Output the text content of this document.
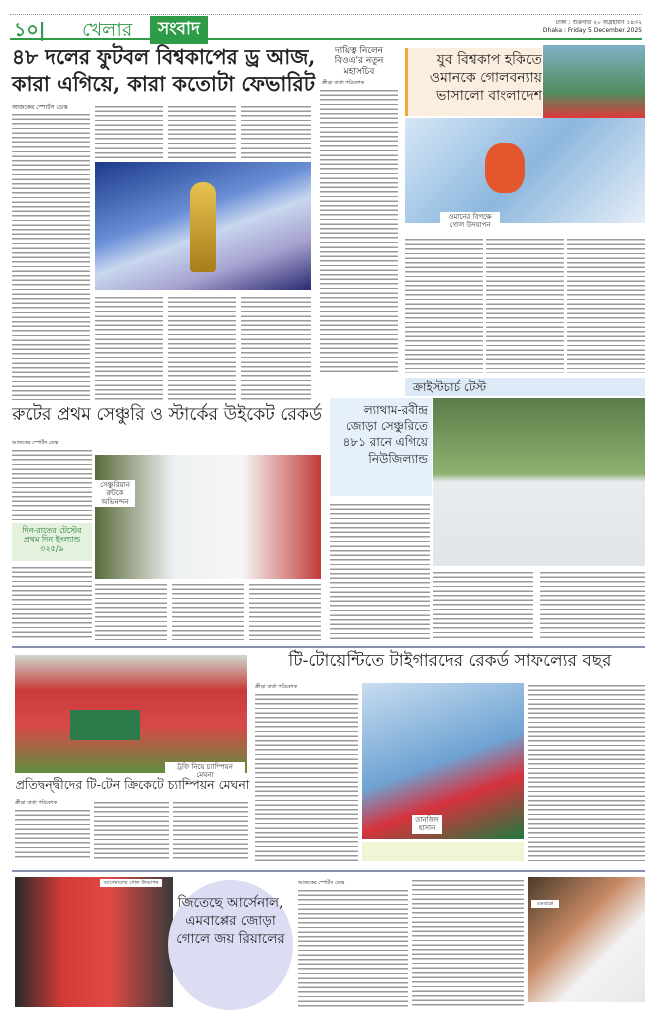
১০| খেলার	সংবাদ	ঢাকা : শুক্রবার ২০ অগ্রহায়ণ ১৪৩২
Dhaka : Friday 5 December 2025
৪৮ দলের ফুটবল বিশ্বকাপের ড্র আজ,
কারা এগিয়ে, কারা কতোটা ফেভারিট
আজকের স্পোর্টস ডেস্ক
দায়িত্ব নিলেন বিওএ'র নতুন মহাসচিব
ক্রীড়া বার্তা পরিবেশক
যুব বিশ্বকাপ হকিতে ওমানকে গোলবন্যায় ভাসালো বাংলাদেশ
ওমানের বিপক্ষে গোল উদযাপন
ক্রাইস্টচার্চ টেস্ট
ল্যাথাম-রবীন্দ্র জোড়া সেঞ্চুরিতে ৪৮১ রানে এগিয়ে নিউজিল্যান্ড
রুটের প্রথম সেঞ্চুরি ও স্টার্কের উইকেট রেকর্ড
আজকের স্পোর্টস ডেস্ক
সেঞ্চুরিয়ান রুটকে অভিনন্দন
দিন-রাতের টেস্টের প্রথম দিন ইংল্যান্ড ৩২৫/৯
ট্রফি নিয়ে চ্যাম্পিয়ন মেঘনা
প্রতিদ্বন্দ্বীদের টি-টেন ক্রিকেটে চ্যাম্পিয়ন মেঘনা
ক্রীড়া বার্তা পরিবেশক
টি-টোয়েন্টিতে টাইগারদের রেকর্ড সাফল্যের বছর
ক্রীড়া বার্তা পরিবেশক
তানজিদ হাসান
আর্সেনালের গোল উদযাপন
জিতেছে আর্সেনাল, এমবাপ্পের জোড়া গোলে জয় রিয়ালের
আজকের স্পোর্টস ডেস্ক
এমবাপ্পে
